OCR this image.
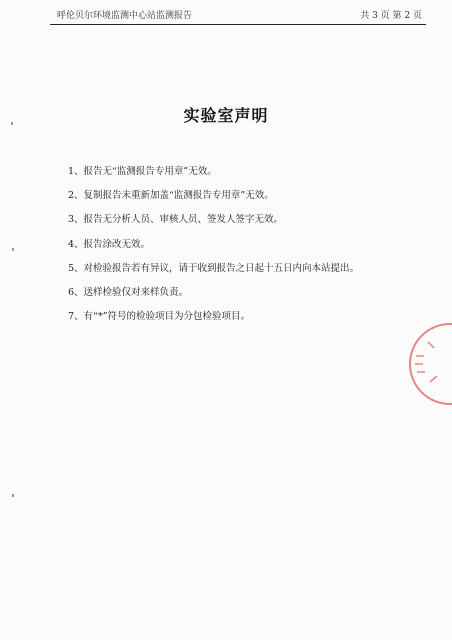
呼伦贝尔环境监测中心站监测报告	共 3 页 第 2 页
实验室声明
1、报告无“监测报告专用章”无效。
2、复制报告未重新加盖“监测报告专用章”无效。
3、报告无分析人员、审核人员、签发人签字无效。
4、报告涂改无效。
5、对检验报告若有异议，请于收到报告之日起十五日内向本站提出。
6、送样检验仅对来样负责。
7、有“*”符号的检验项目为分包检验项目。
